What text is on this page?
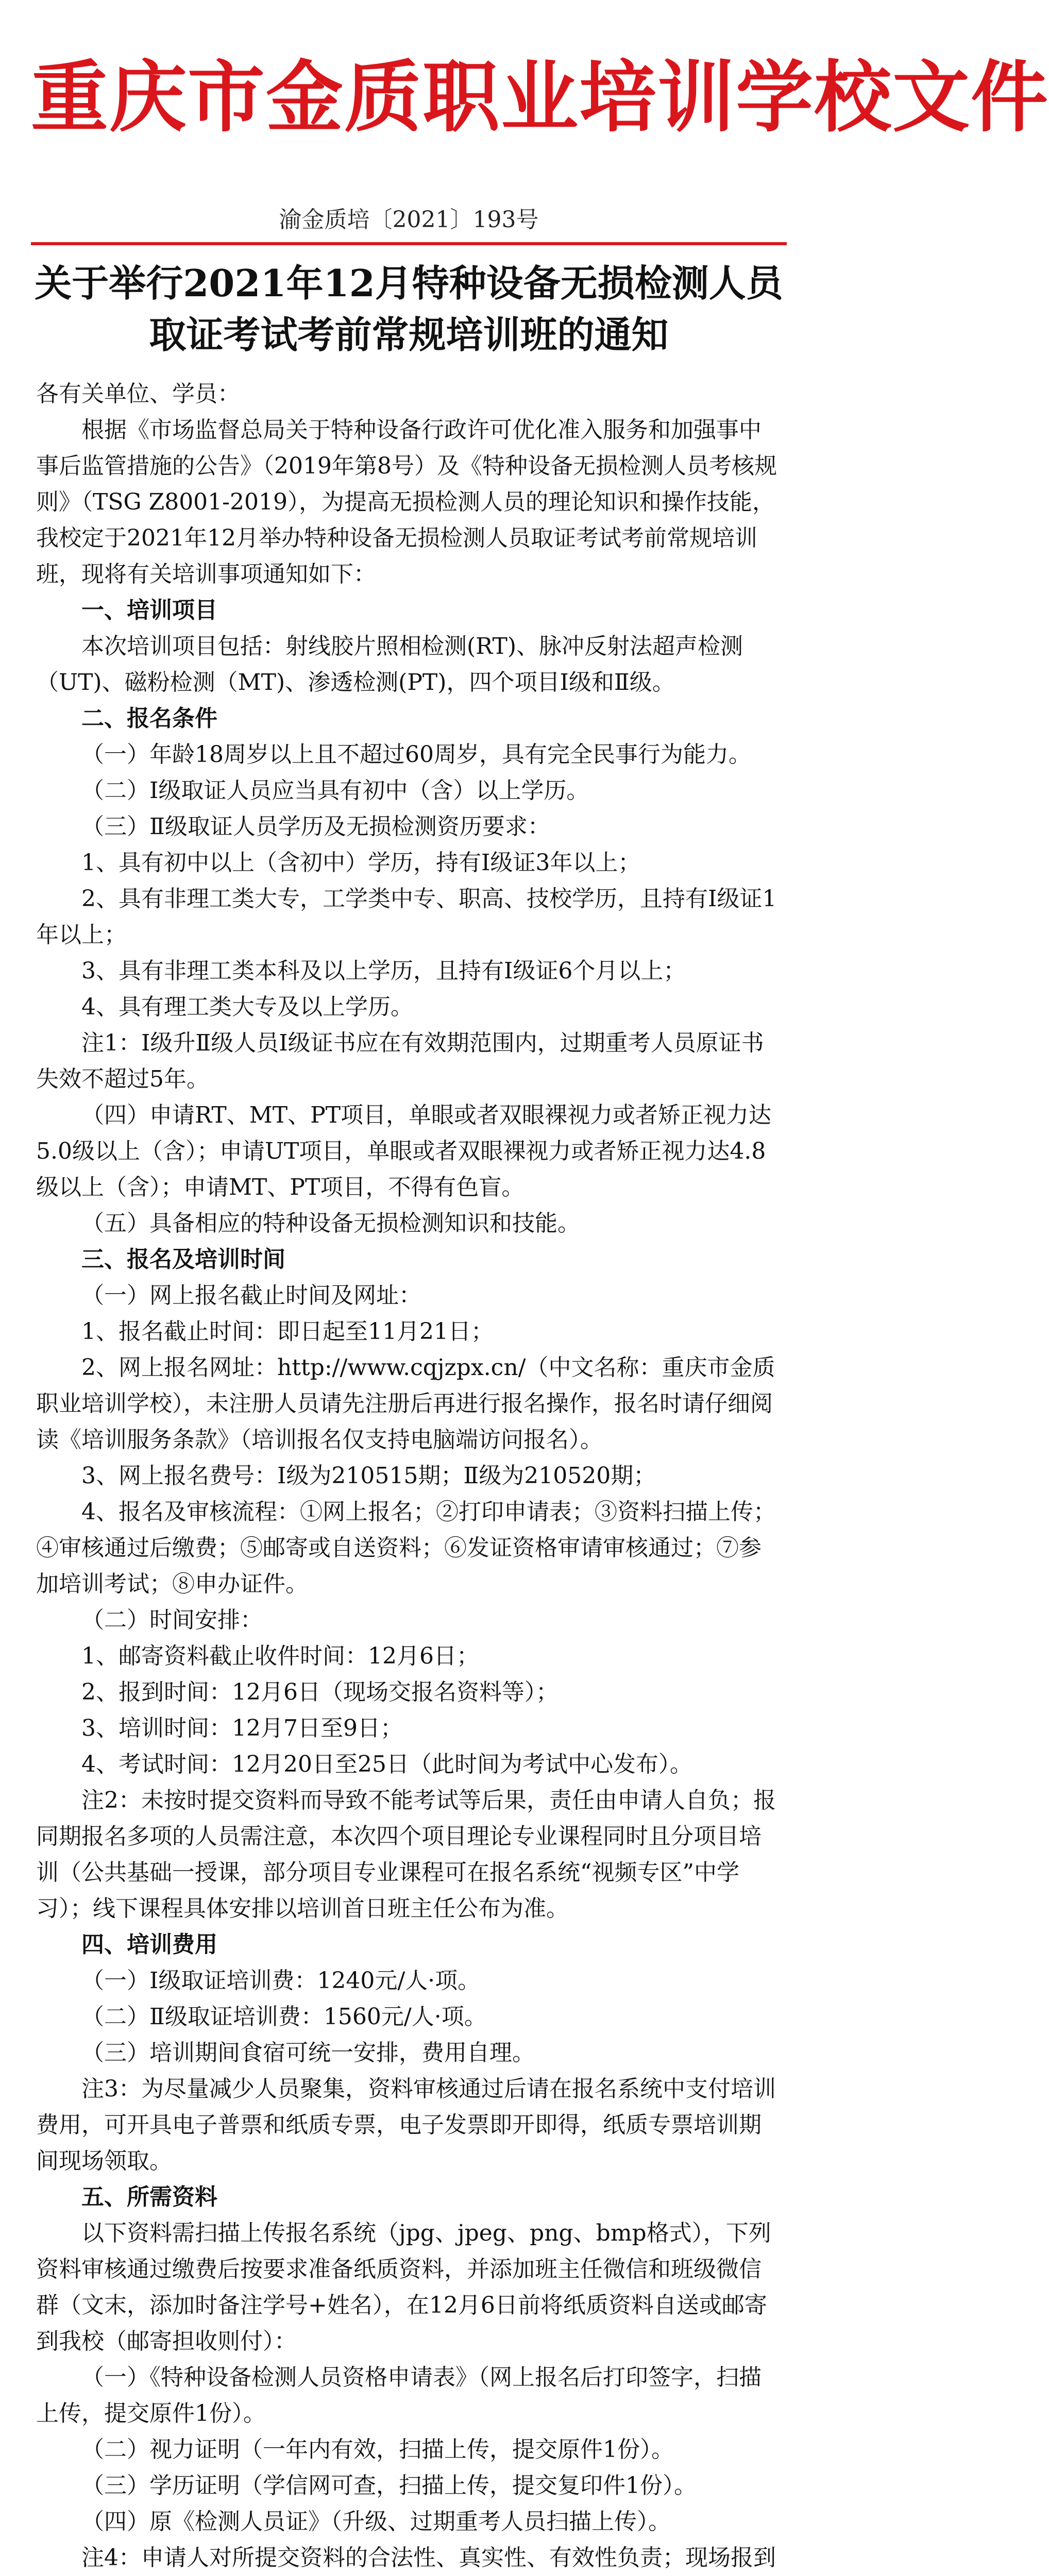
重庆市金质职业培训学校文件
渝金质培〔2021〕193号
关于举行2021年12月特种设备无损检测人员
取证考试考前常规培训班的通知

各有关单位、学员：

根据《市场监督总局关于特种设备行政许可优化准入服务和加强事中事后监管措施的公告》（2019年第8号）及《特种设备无损检测人员考核规则》（TSG Z8001-2019），为提高无损检测人员的理论知识和操作技能，我校定于2021年12月举办特种设备无损检测人员取证考试考前常规培训班，现将有关培训事项通知如下：

一、培训项目

本次培训项目包括：射线胶片照相检测(RT)、脉冲反射法超声检测（UT)、磁粉检测（MT)、渗透检测(PT)，四个项目Ⅰ级和Ⅱ级。

二、报名条件

（一）年龄18周岁以上且不超过60周岁，具有完全民事行为能力。

（二）Ⅰ级取证人员应当具有初中（含）以上学历。

（三）Ⅱ级取证人员学历及无损检测资历要求：

1、具有初中以上（含初中）学历，持有Ⅰ级证3年以上；

2、具有非理工类大专，工学类中专、职高、技校学历，且持有Ⅰ级证1年以上；

3、具有非理工类本科及以上学历，且持有Ⅰ级证6个月以上；

4、具有理工类大专及以上学历。

注1：Ⅰ级升Ⅱ级人员Ⅰ级证书应在有效期范围内，过期重考人员原证书失效不超过5年。

（四）申请RT、MT、PT项目，单眼或者双眼裸视力或者矫正视力达5.0级以上（含）；申请UT项目，单眼或者双眼裸视力或者矫正视力达4.8级以上（含）；申请MT、PT项目，不得有色盲。

（五）具备相应的特种设备无损检测知识和技能。

三、报名及培训时间

（一）网上报名截止时间及网址：

1、报名截止时间：即日起至11月21日；

2、网上报名网址：http://www.cqjzpx.cn/（中文名称：重庆市金质职业培训学校），未注册人员请先注册后再进行报名操作，报名时请仔细阅读《培训服务条款》（培训报名仅支持电脑端访问报名）。

3、网上报名费号：Ⅰ级为210515期；Ⅱ级为210520期；

4、报名及审核流程：①网上报名；②打印申请表；③资料扫描上传；④审核通过后缴费；⑤邮寄或自送资料；⑥发证资格审请审核通过；⑦参加培训考试；⑧申办证件。

（二）时间安排：

1、邮寄资料截止收件时间：12月6日；

2、报到时间：12月6日（现场交报名资料等）；

3、培训时间：12月7日至9日；

4、考试时间：12月20日至25日（此时间为考试中心发布）。

注2：未按时提交资料而导致不能考试等后果，责任由申请人自负；报同期报名多项的人员需注意，本次四个项目理论专业课程同时且分项目培训（公共基础一授课，部分项目专业课程可在报名系统“视频专区”中学习）；线下课程具体安排以培训首日班主任公布为准。

四、培训费用

（一）Ⅰ级取证培训费：1240元/人·项。

（二）Ⅱ级取证培训费：1560元/人·项。

（三）培训期间食宿可统一安排，费用自理。

注3：为尽量减少人员聚集，资料审核通过后请在报名系统中支付培训费用，可开具电子普票和纸质专票，电子发票即开即得，纸质专票培训期间现场领取。

五、所需资料

以下资料需扫描上传报名系统（jpg、jpeg、png、bmp格式），下列资料审核通过缴费后按要求准备纸质资料，并添加班主任微信和班级微信群（文末，添加时备注学号+姓名），在12月6日前将纸质资料自送或邮寄到我校（邮寄担收则付）：

（一）《特种设备检测人员资格申请表》（网上报名后打印签字，扫描上传，提交原件1份）。

（二）视力证明（一年内有效，扫描上传，提交原件1份）。

（三）学历证明（学信网可查，扫描上传，提交复印件1份）。

（四）原《检测人员证》（升级、过期重考人员扫描上传）。

注4：申请人对所提交资料的合法性、真实性、有效性负责；现场报到
